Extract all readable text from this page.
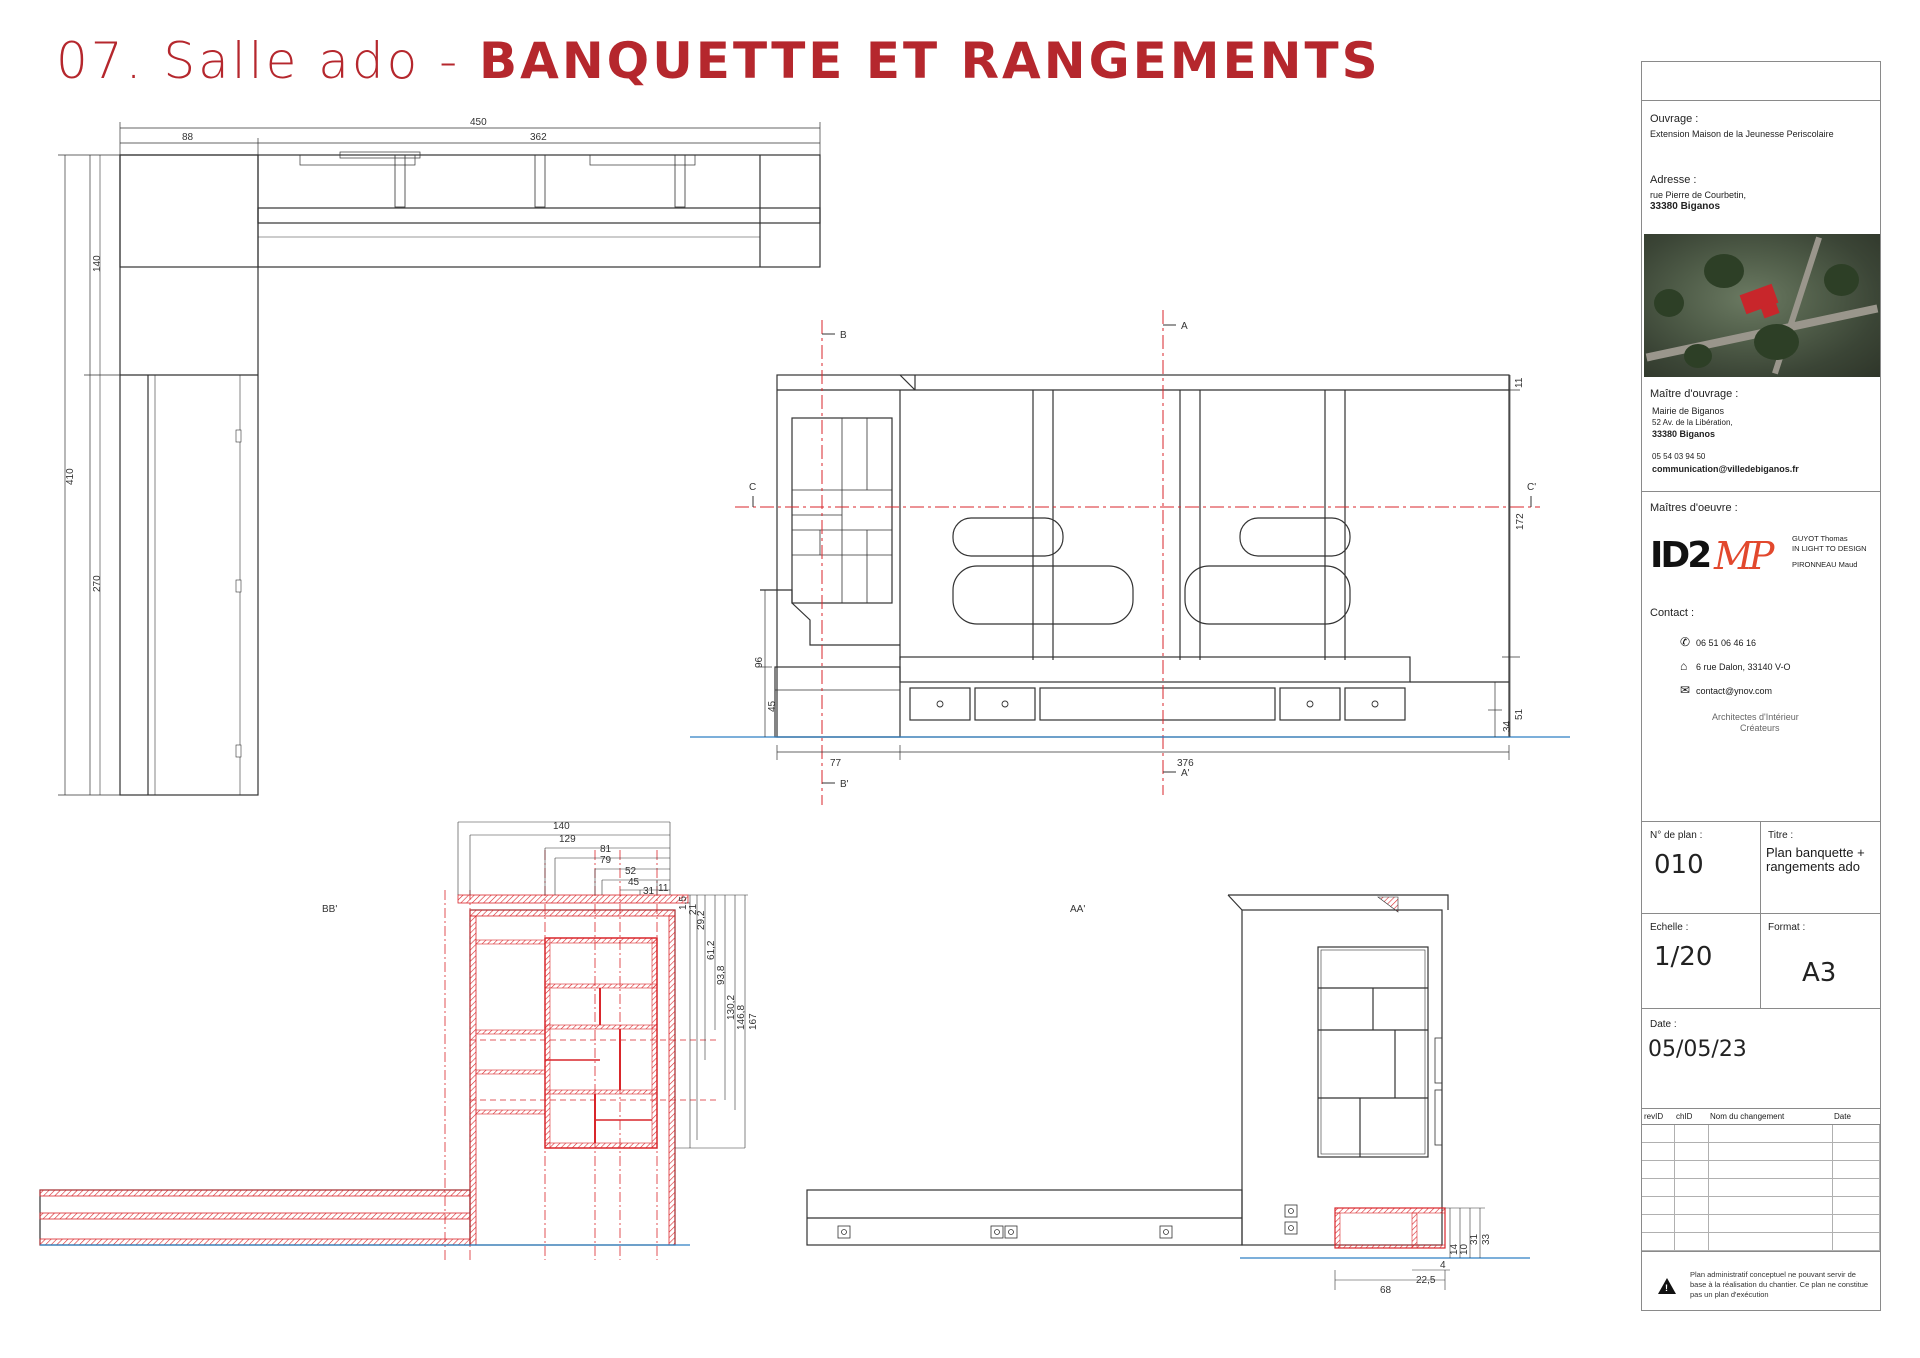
07. Salle ado - BANQUETTE ET RANGEMENTS
450
88	362
140
410
270
B
A
C	C'
B'
A'
77	376
172
96
45
51
34
11
BB'
140
129
81
79
52
45
31 11
1,5 21
29,2
61,2
93,8
130,2 146,8 167
AA'
68
22,5
4
31 33
14 10
Ouvrage :
Extension Maison de la Jeunesse Periscolaire
Adresse :
rue Pierre de Courbetin,
33380 Biganos
Maître d'ouvrage :
Mairie de Biganos
52 Av. de la Libération,
33380 Biganos
05 54 03 94 50
communication@villedebiganos.fr
Maîtres d'oeuvre :
ID2 MP	GUYOT Thomas
IN LIGHT TO DESIGN
PIRONNEAU Maud
Contact :
✆ 06 51 06 46 16
⌂ 6 rue Dalon, 33140 V-O
✉ contact@ynov.com
Architectes d'Intérieur
Créateurs
N° de plan :
010
Titre :
Plan banquette + rangements ado
Echelle :
1/20
Format :
A3
Date :
05/05/23
revID	chID	Nom du changement	Date

!
Plan administratif conceptuel ne pouvant servir de base à la réalisation du chantier. Ce plan ne constitue pas un plan d'exécution
